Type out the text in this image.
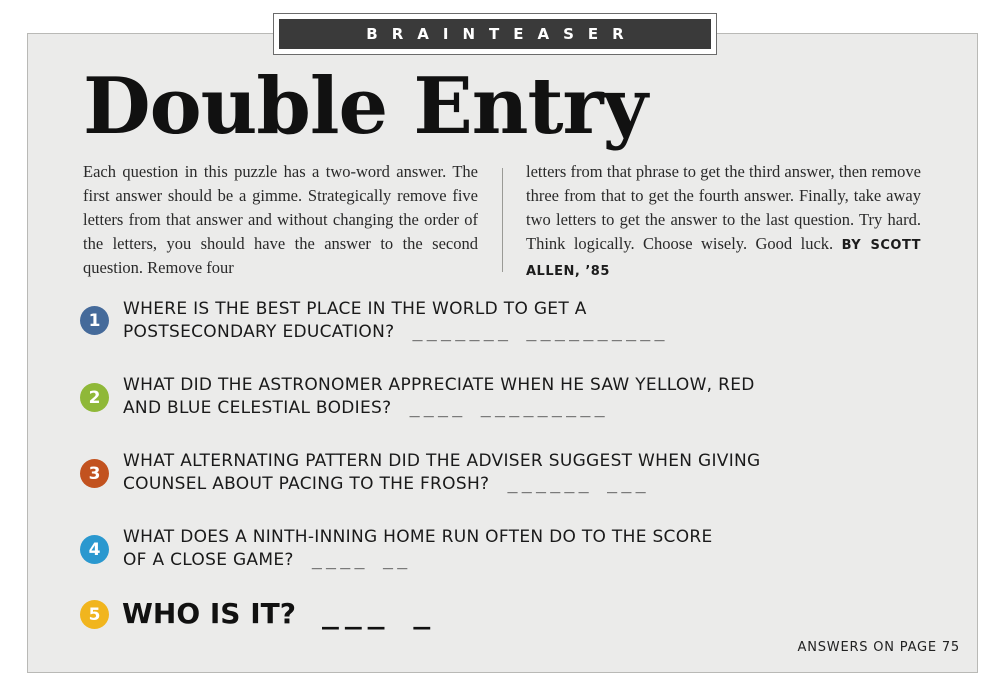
BRAINTEASER
Double Entry

Each question in this puzzle has a two-word answer. The first answer should be a gimme. Strategically remove five letters from that answer and without changing the order of the letters, you should have the answer to the second question. Remove four

letters from that phrase to get the third answer, then remove three from that to get the fourth answer. Finally, take away two letters to get the answer to the last question. Try hard. Think logically. Choose wisely. Good luck. BY SCOTT ALLEN, ’85

1
WHERE IS THE BEST PLACE IN THE WORLD TO GET A
POSTSECONDARY EDUCATION? _______ __________
2
WHAT DID THE ASTRONOMER APPRECIATE WHEN HE SAW YELLOW, RED
AND BLUE CELESTIAL BODIES? ____ _________
3
WHAT ALTERNATING PATTERN DID THE ADVISER SUGGEST WHEN GIVING
COUNSEL ABOUT PACING TO THE FROSH? ______ ___
4
WHAT DOES A NINTH-INNING HOME RUN OFTEN DO TO THE SCORE
OF A CLOSE GAME? ____ __
5 WHO IS IT? ___ _
ANSWERS ON PAGE 75
